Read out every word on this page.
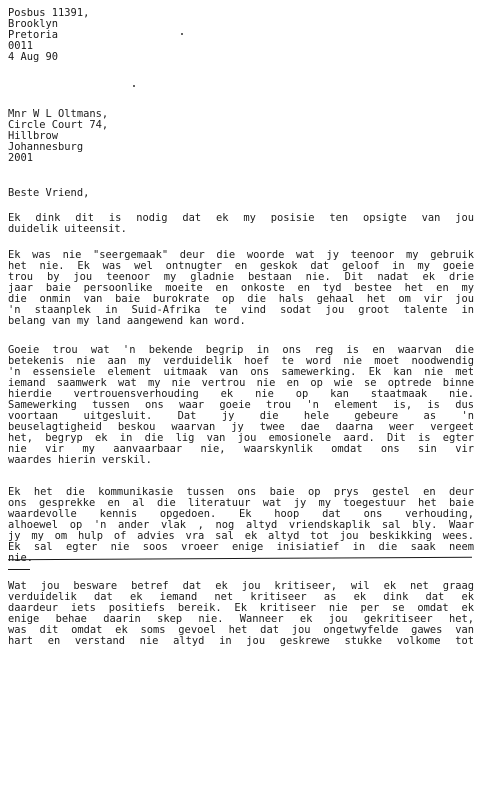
Posbus 11391,
Brooklyn
Pretoria
0011
4 Aug 90
Mnr W L Oltmans,
Circle Court 74,
Hillbrow
Johannesburg
2001
Beste Vriend,
Ek dink dit is nodig dat ek my posisie ten opsigte van jou
duidelik uiteensit.
Ek was nie "seergemaak" deur die woorde wat jy teenoor my gebruik
het nie. Ek was wel ontnugter en geskok dat geloof in my goeie
trou by jou teenoor my gladnie bestaan nie. Dit nadat ek drie
jaar baie persoonlike moeite en onkoste en tyd bestee het en my
die onmin van baie burokrate op die hals gehaal het om vir jou
'n staanplek in Suid-Afrika te vind sodat jou groot talente in
belang van my land aangewend kan word.
Goeie trou wat 'n bekende begrip in ons reg is en waarvan die
betekenis nie aan my verduidelik hoef te word nie moet noodwendig
'n essensiele element uitmaak van ons samewerking. Ek kan nie met
iemand saamwerk wat my nie vertrou nie en op wie se optrede binne
hierdie vertrouensverhouding ek nie op kan staatmaak nie.
Samewerking tussen ons waar goeie trou 'n element is, is dus
voortaan uitgesluit. Dat jy die hele gebeure as 'n
beuselagtigheid beskou waarvan jy twee dae daarna weer vergeet
het, begryp ek in die lig van jou emosionele aard. Dit is egter
nie vir my aanvaarbaar nie, waarskynlik omdat ons sin vir
waardes hierin verskil.
Ek het die kommunikasie tussen ons baie op prys gestel en deur
ons gesprekke en al die literatuur wat jy my toegestuur het baie
waardevolle kennis opgedoen. Ek hoop dat ons verhouding,
alhoewel op 'n ander vlak , nog altyd vriendskaplik sal bly. Waar
jy my om hulp of advies vra sal ek altyd tot jou beskikking wees.
Ek sal egter nie soos vroeer enige inisiatief in die saak neem
Wat jou besware betref dat ek jou kritiseer, wil ek net graag
verduidelik dat ek iemand net kritiseer as ek dink dat ek
daardeur iets positiefs bereik. Ek kritiseer nie per se omdat ek
enige behae daarin skep nie. Wanneer ek jou gekritiseer het,
was dit omdat ek soms gevoel het dat jou ongetwyfelde gawes van
hart en verstand nie altyd in jou geskrewe stukke volkome tot
